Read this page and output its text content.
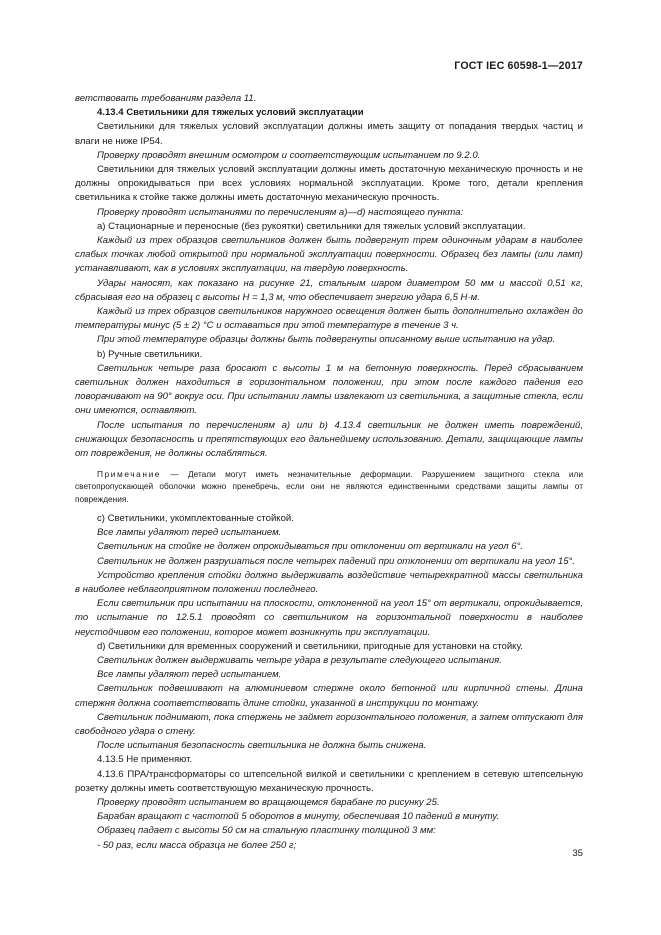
ГОСТ IEC 60598-1—2017

ветствовать требованиям раздела 11.

4.13.4 Светильники для тяжелых условий эксплуатации

Светильники для тяжелых условий эксплуатации должны иметь защиту от попадания твердых частиц и влаги не ниже IP54.

Проверку проводят внешним осмотром и соответствующим испытанием по 9.2.0.

Светильники для тяжелых условий эксплуатации должны иметь достаточную механическую прочность и не должны опрокидываться при всех условиях нормальной эксплуатации. Кроме того, детали крепления светильника к стойке также должны иметь достаточную механическую прочность.

Проверку проводят испытаниями по перечислениям a)—d) настоящего пункта:

a) Стационарные и переносные (без рукоятки) светильники для тяжелых условий эксплуатации.

Каждый из трех образцов светильников должен быть подвергнут трем одиночным ударам в наиболее слабых точках любой открытой при нормальной эксплуатации поверхности. Образец без лампы (или ламп) устанавливают, как в условиях эксплуатации, на твердую поверхность.

Удары наносят, как показано на рисунке 21, стальным шаром диаметром 50 мм и массой 0,51 кг, сбрасывая его на образец с высоты H = 1,3 м, что обеспечивает энергию удара 6,5 Н·м.

Каждый из трех образцов светильников наружного освещения должен быть дополнительно охлажден до температуры минус (5 ± 2) °С и оставаться при этой температуре в течение 3 ч.

При этой температуре образцы должны быть подвергнуты описанному выше испытанию на удар.

b) Ручные светильники.

Светильник четыре раза бросают с высоты 1 м на бетонную поверхность. Перед сбрасыванием светильник должен находиться в горизонтальном положении, при этом после каждого падения его поворачивают на 90° вокруг оси. При испытании лампы извлекают из светильника, а защитные стекла, если они имеются, оставляют.

После испытания по перечислениям a) или b) 4.13.4 светильник не должен иметь повреждений, снижающих безопасность и препятствующих его дальнейшему использованию. Детали, защищающие лампы от повреждения, не должны ослабляться.

Примечание — Детали могут иметь незначительные деформации. Разрушением защитного стекла или светопропускающей оболочки можно пренебречь, если они не являются единственными средствами защиты лампы от повреждения.

c) Светильники, укомплектованные стойкой.

Все лампы удаляют перед испытанием.

Светильник на стойке не должен опрокидываться при отклонении от вертикали на угол 6°.

Светильник не должен разрушаться после четырех падений при отклонении от вертикали на угол 15°.

Устройство крепления стойки должно выдерживать воздействие четырехкратной массы светильника в наиболее неблагоприятном положении последнего.

Если светильник при испытании на плоскости, отклоненной на угол 15° от вертикали, опрокидывается, то испытание по 12.5.1 проводят со светильником на горизонтальной поверхности в наиболее неустойчивом его положении, которое может возникнуть при эксплуатации.

d) Светильники для временных сооружений и светильники, пригодные для установки на стойку.

Светильник должен выдерживать четыре удара в результате следующего испытания.

Все лампы удаляют перед испытанием.

Светильник подвешивают на алюминиевом стержне около бетонной или кирпичной стены. Длина стержня должна соответствовать длине стойки, указанной в инструкции по монтажу.

Светильник поднимают, пока стержень не займет горизонтального положения, а затем отпускают для свободного удара о стену.

После испытания безопасность светильника не должна быть снижена.

4.13.5 Не применяют.

4.13.6 ПРА/трансформаторы со штепсельной вилкой и светильники с креплением в сетевую штепсельную розетку должны иметь соответствующую механическую прочность.

Проверку проводят испытанием во вращающемся барабане по рисунку 25.

Барабан вращают с частотой 5 оборотов в минуту, обеспечивая 10 падений в минуту.

Образец падает с высоты 50 см на стальную пластинку толщиной 3 мм:

- 50 раз, если масса образца не более 250 г;

35
